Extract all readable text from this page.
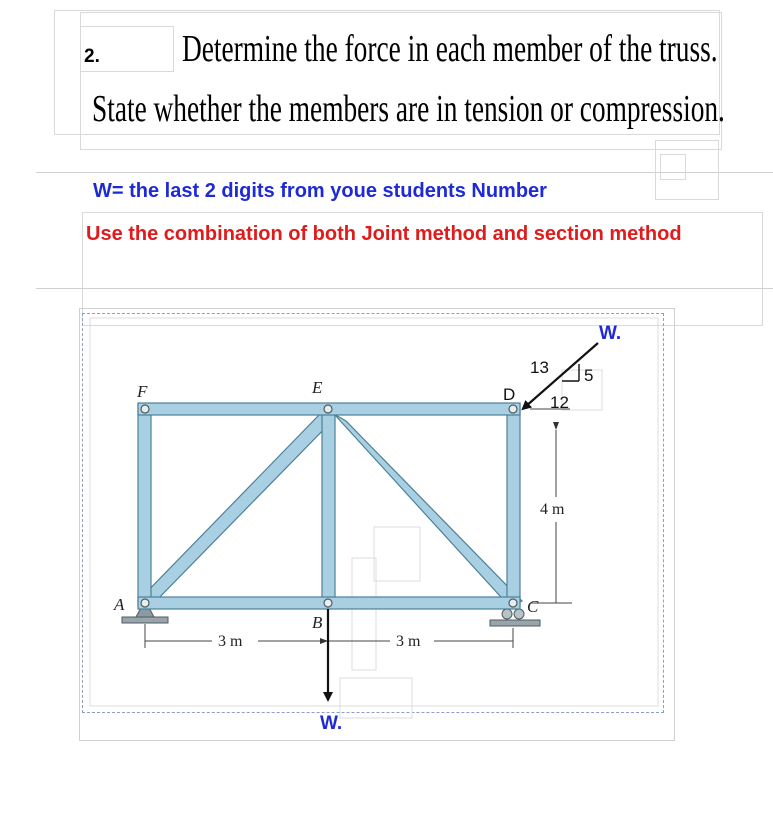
2. Determine the force in each member of the truss.
State whether the members are in tension or compression.
W= the last 2 digits from youe students Number
Use the combination of both Joint method and section method
F	E	D
A
B
C
3 m	3 m
4 m
13 5
12
W.
W.
